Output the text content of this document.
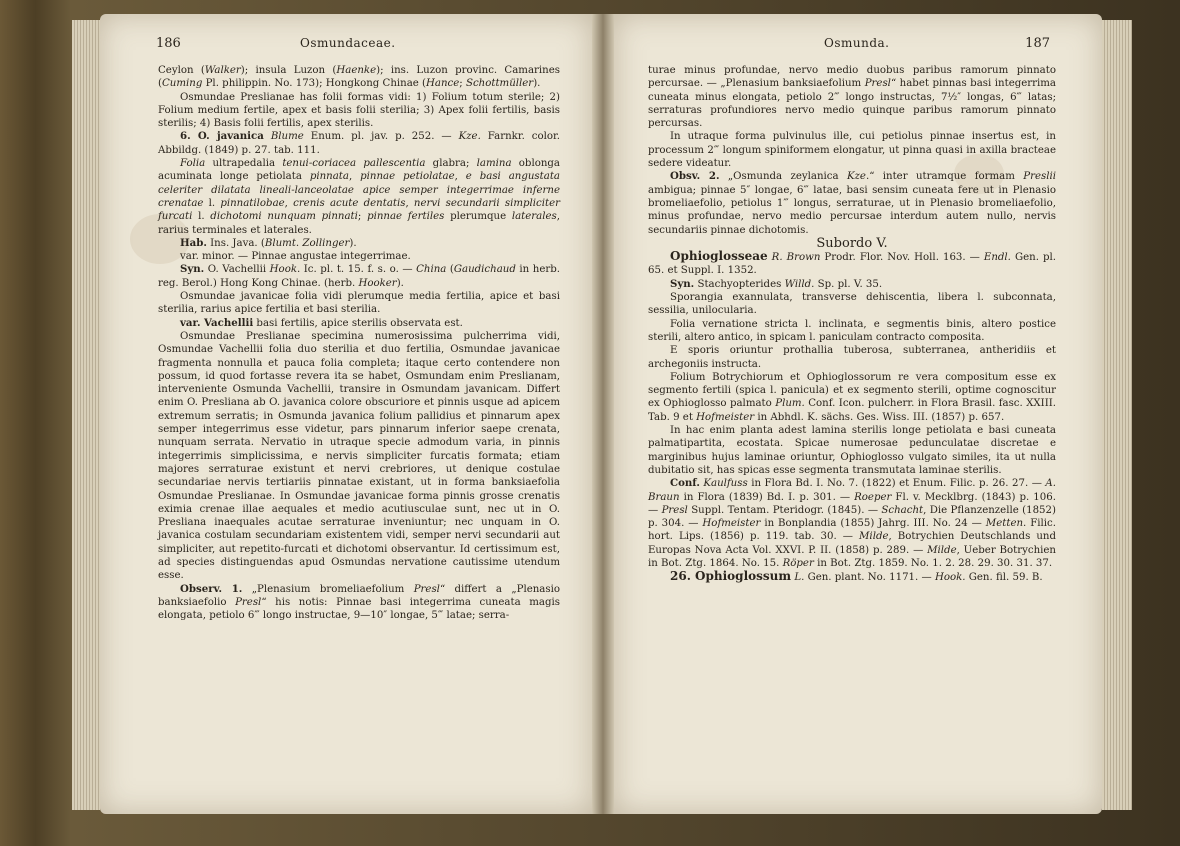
186	Osmundaceae.

Ceylon (Walker); insula Luzon (Haenke); ins. Luzon provinc. Camarines (Cuming Pl. philippin. No. 173); Hongkong Chinae (Hance; Schottmüller).

Osmundae Preslianae has folii formas vidi: 1) Folium totum sterile; 2) Folium medium fertile, apex et basis folii sterilia; 3) Apex folii fertilis, basis sterilis; 4) Basis folii fertilis, apex sterilis.

6. O. javanica Blume Enum. pl. jav. p. 252. — Kze. Farnkr. color. Abbildg. (1849) p. 27. tab. 111.

Folia ultrapedalia tenui-coriacea pallescentia glabra; lamina oblonga acuminata longe petiolata pinnata, pinnae petiolatae, e basi angustata celeriter dilatata lineali-lanceolatae apice semper integerrimae inferne crenatae l. pinnatilobae, crenis acute dentatis, nervi secundarii simpliciter furcati l. dichotomi nunquam pinnati; pinnae fertiles plerumque laterales, rarius terminales et laterales.

Hab. Ins. Java. (Blumt. Zollinger).

var. minor. — Pinnae angustae integerrimae.

Syn. O. Vachellii Hook. Ic. pl. t. 15. f. s. o. — China (Gaudichaud in herb. reg. Berol.) Hong Kong Chinae. (herb. Hooker).

Osmundae javanicae folia vidi plerumque media fertilia, apice et basi sterilia, rarius apice fertilia et basi sterilia.

var. Vachellii basi fertilis, apice sterilis observata est.

Osmundae Preslianae specimina numerosissima pulcherrima vidi, Osmundae Vachellii folia duo sterilia et duo fertilia, Osmundae javanicae fragmenta nonnulla et pauca folia completa; itaque certo contendere non possum, id quod fortasse revera ita se habet, Osmundam enim Preslianam, interveniente Osmunda Vachellii, transire in Osmundam javanicam. Differt enim O. Presliana ab O. javanica colore obscuriore et pinnis usque ad apicem extremum serratis; in Osmunda javanica folium pallidius et pinnarum apex semper integerrimus esse videtur, pars pinnarum inferior saepe crenata, nunquam serrata. Nervatio in utraque specie admodum varia, in pinnis integerrimis simplicissima, e nervis simpliciter furcatis formata; etiam majores serraturae existunt et nervi crebriores, ut denique costulae secundariae nervis tertiariis pinnatae existant, ut in forma banksiaefolia Osmundae Preslianae. In Osmundae javanicae forma pinnis grosse crenatis eximia crenae illae aequales et medio acutiusculae sunt, nec ut in O. Presliana inaequales acutae serraturae inveniuntur; nec unquam in O. javanica costulam secundariam existentem vidi, semper nervi secundarii aut simpliciter, aut repetito-furcati et dichotomi observantur. Id certissimum est, ad species distinguendas apud Osmundas nervatione cautissime utendum esse.

Observ. 1. „Plenasium bromeliaefolium Presl“ differt a „Plenasio banksiaefolio Presl“ his notis: Pinnae basi integerrima cuneata magis elongata, petiolo 6‴ longo instructae, 9—10″ longae, 5‴ latae; serra-

Osmunda.	187

turae minus profundae, nervo medio duobus paribus ramorum pinnato percursae. — „Plenasium banksiaefolium Presl“ habet pinnas basi integerrima cuneata minus elongata, petiolo 2‴ longo instructas, 7½″ longas, 6‴ latas; serraturas profundiores nervo medio quinque paribus ramorum pinnato percursas.

In utraque forma pulvinulus ille, cui petiolus pinnae insertus est, in processum 2‴ longum spiniformem elongatur, ut pinna quasi in axilla bracteae sedere videatur.

Obsv. 2. „Osmunda zeylanica Kze.“ inter utramque formam Preslii ambigua; pinnae 5″ longae, 6‴ latae, basi sensim cuneata fere ut in Plenasio bromeliaefolio, petiolus 1‴ longus, serraturae, ut in Plenasio bromeliaefolio, minus profundae, nervo medio percursae interdum autem nullo, nervis secundariis pinnae dichotomis.

Subordo V.

Ophioglosseae R. Brown Prodr. Flor. Nov. Holl. 163. — Endl. Gen. pl. 65. et Suppl. I. 1352.

Syn. Stachyopterides Willd. Sp. pl. V. 35.

Sporangia exannulata, transverse dehiscentia, libera l. subconnata, sessilia, unilocularia.

Folia vernatione stricta l. inclinata, e segmentis binis, altero postice sterili, altero antico, in spicam l. paniculam contracto composita.

E sporis oriuntur prothallia tuberosa, subterranea, antheridiis et archegoniis instructa.

Folium Botrychiorum et Ophioglossorum re vera compositum esse ex segmento fertili (spica l. panicula) et ex segmento sterili, optime cognoscitur ex Ophioglosso palmato Plum. Conf. Icon. pulcherr. in Flora Brasil. fasc. XXIII. Tab. 9 et Hofmeister in Abhdl. K. sächs. Ges. Wiss. III. (1857) p. 657.

In hac enim planta adest lamina sterilis longe petiolata e basi cuneata palmatipartita, ecostata. Spicae numerosae pedunculatae discretae e marginibus hujus laminae oriuntur, Ophioglosso vulgato similes, ita ut nulla dubitatio sit, has spicas esse segmenta transmutata laminae sterilis.

Conf. Kaulfuss in Flora Bd. I. No. 7. (1822) et Enum. Filic. p. 26. 27. — A. Braun in Flora (1839) Bd. I. p. 301. — Roeper Fl. v. Mecklbrg. (1843) p. 106. — Presl Suppl. Tentam. Pteridogr. (1845). — Schacht, Die Pflanzenzelle (1852) p. 304. — Hofmeister in Bonplandia (1855) Jahrg. III. No. 24 — Metten. Filic. hort. Lips. (1856) p. 119. tab. 30. — Milde, Botrychien Deutschlands und Europas Nova Acta Vol. XXVI. P. II. (1858) p. 289. — Milde, Ueber Botrychien in Bot. Ztg. 1864. No. 15. Röper in Bot. Ztg. 1859. No. 1. 2. 28. 29. 30. 31. 37.

26. Ophioglossum L. Gen. plant. No. 1171. — Hook. Gen. fil. 59. B.
